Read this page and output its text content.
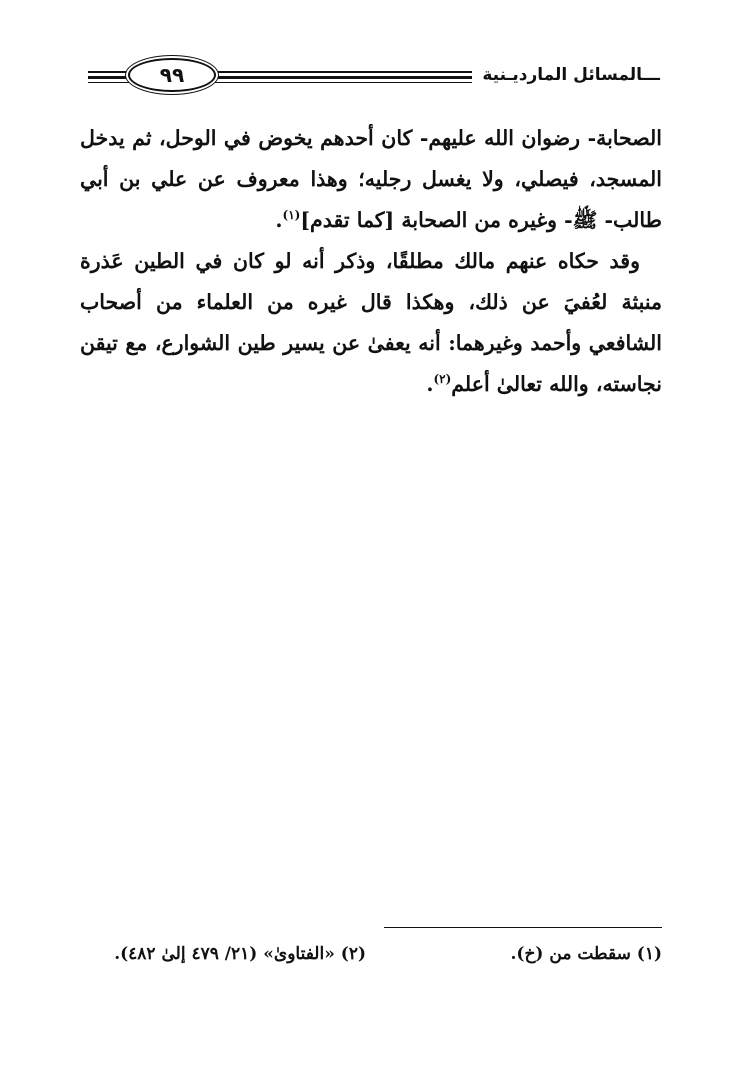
ـــالمسائل المارديـنية
٩٩

الصحابة- رضوان الله عليهم- كان أحدهم يخوض في الوحل، ثم يدخل المسجد، فيصلي، ولا يغسل رجليه؛ وهذا معروف عن علي بن أبي طالب- ﷺ- وغيره من الصحابة [كما تقدم]$^{(١)}$.

وقد حكاه عنهم مالك مطلقًا، وذكر أنه لو كان في الطين عَذرة منبثة لعُفيَ عن ذلك، وهكذا قال غيره من العلماء من أصحاب الشافعي وأحمد وغيرهما: أنه يعفىٰ عن يسير طين الشوارع، مع تيقن نجاسته، والله تعالىٰ أعلم$^{(٢)}$.

(١) سقطت من (خ).
(٢) «الفتاوىٰ» (٢١/ ٤٧٩ إلىٰ ٤٨٢).
